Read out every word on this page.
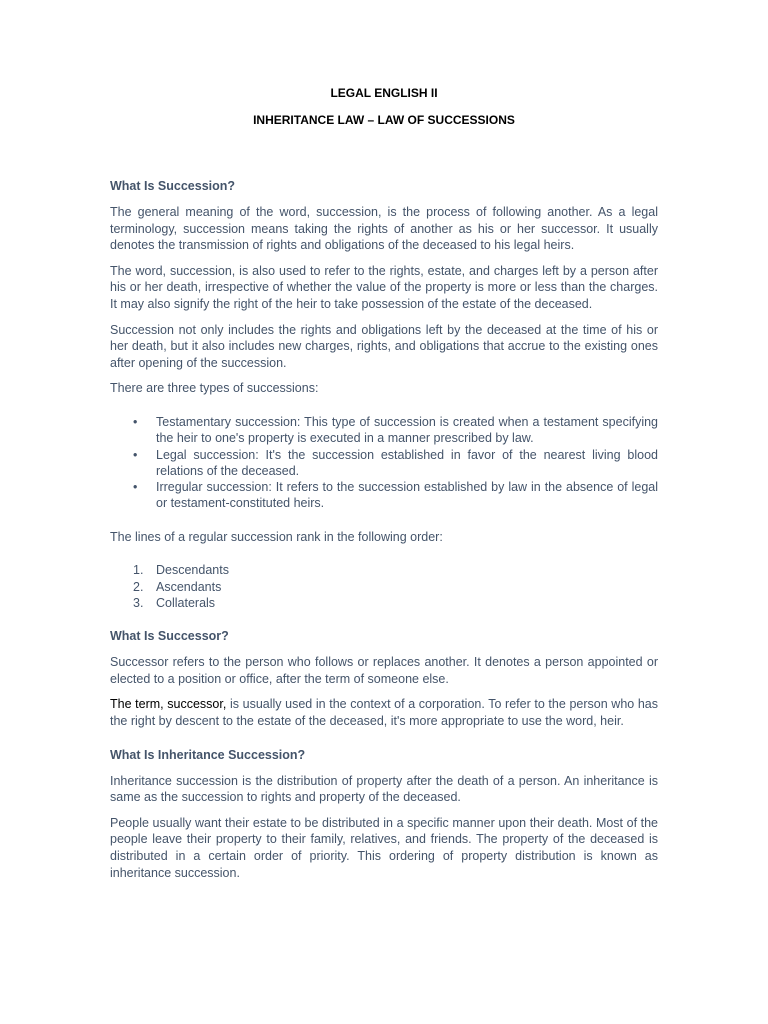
LEGAL ENGLISH II
INHERITANCE LAW – LAW OF SUCCESSIONS
What Is Succession?

The general meaning of the word, succession, is the process of following another. As a legal terminology, succession means taking the rights of another as his or her successor. It usually denotes the transmission of rights and obligations of the deceased to his legal heirs.

The word, succession, is also used to refer to the rights, estate, and charges left by a person after his or her death, irrespective of whether the value of the property is more or less than the charges. It may also signify the right of the heir to take possession of the estate of the deceased.

Succession not only includes the rights and obligations left by the deceased at the time of his or her death, but it also includes new charges, rights, and obligations that accrue to the existing ones after opening of the succession.

There are three types of successions:

• Testamentary succession: This type of succession is created when a testament specifying the heir to one's property is executed in a manner prescribed by law.
• Legal succession: It's the succession established in favor of the nearest living blood relations of the deceased.
• Irregular succession: It refers to the succession established by law in the absence of legal or testament-constituted heirs.

The lines of a regular succession rank in the following order:

1. Descendants
2. Ascendants
3. Collaterals
What Is Successor?

Successor refers to the person who follows or replaces another. It denotes a person appointed or elected to a position or office, after the term of someone else.

The term, successor, is usually used in the context of a corporation. To refer to the person who has the right by descent to the estate of the deceased, it's more appropriate to use the word, heir.

What Is Inheritance Succession?

Inheritance succession is the distribution of property after the death of a person. An inheritance is same as the succession to rights and property of the deceased.

People usually want their estate to be distributed in a specific manner upon their death. Most of the people leave their property to their family, relatives, and friends. The property of the deceased is distributed in a certain order of priority. This ordering of property distribution is known as inheritance succession.
